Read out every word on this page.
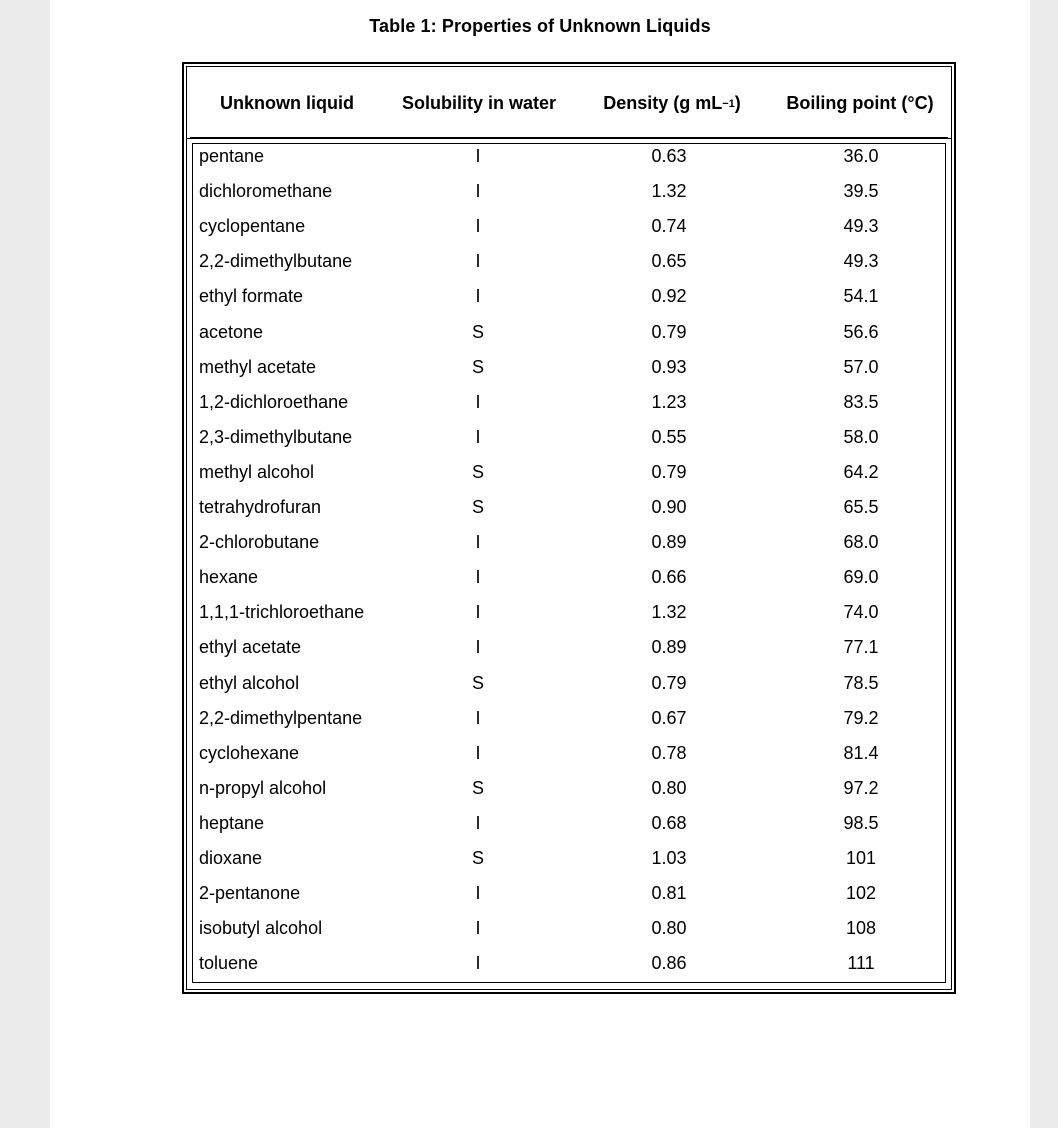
Table 1: Properties of Unknown Liquids
Unknown liquid	Solubility in water	Density (g mL −1 )	Boiling point (°C)
pentane	I	0.63	36.0
dichloromethane	I	1.32	39.5
cyclopentane	I	0.74	49.3
2,2-dimethylbutane	I	0.65	49.3
ethyl formate	I	0.92	54.1
acetone	S	0.79	56.6
methyl acetate	S	0.93	57.0
1,2-dichloroethane	I	1.23	83.5
2,3-dimethylbutane	I	0.55	58.0
methyl alcohol	S	0.79	64.2
tetrahydrofuran	S	0.90	65.5
2-chlorobutane	I	0.89	68.0
hexane	I	0.66	69.0
1,1,1-trichloroethane	I	1.32	74.0
ethyl acetate	I	0.89	77.1
ethyl alcohol	S	0.79	78.5
2,2-dimethylpentane	I	0.67	79.2
cyclohexane	I	0.78	81.4
n-propyl alcohol	S	0.80	97.2
heptane	I	0.68	98.5
dioxane	S	1.03	101
2-pentanone	I	0.81	102
isobutyl alcohol	I	0.80	108
toluene	I	0.86	111
